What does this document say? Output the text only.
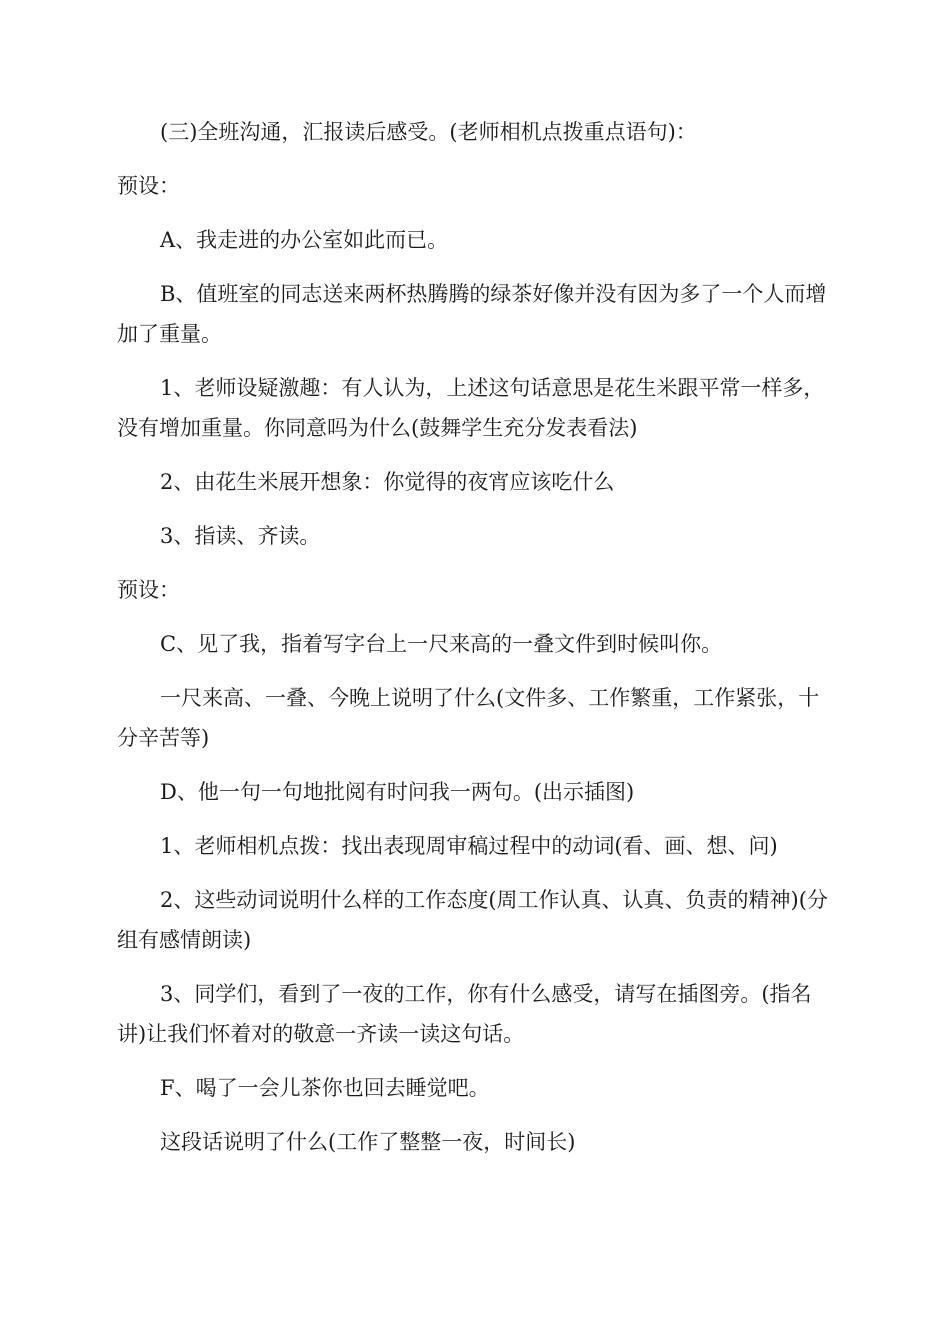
(三)全班沟通，汇报读后感受。(老师相机点拨重点语句)：

预设：

A、我走进的办公室如此而已。

B、值班室的同志送来两杯热腾腾的绿茶好像并没有因为多了一个人而增加了重量。

1、老师设疑激趣：有人认为，上述这句话意思是花生米跟平常一样多，没有增加重量。你同意吗为什么(鼓舞学生充分发表看法)

2、由花生米展开想象：你觉得的夜宵应该吃什么

3、指读、齐读。

预设：

C、见了我，指着写字台上一尺来高的一叠文件到时候叫你。

一尺来高、一叠、今晚上说明了什么(文件多、工作繁重，工作紧张，十分辛苦等)

D、他一句一句地批阅有时问我一两句。(出示插图)

1、老师相机点拨：找出表现周审稿过程中的动词(看、画、想、问)

2、这些动词说明什么样的工作态度(周工作认真、认真、负责的精神)(分组有感情朗读)

3、同学们，看到了一夜的工作，你有什么感受，请写在插图旁。(指名讲)让我们怀着对的敬意一齐读一读这句话。

F、喝了一会儿茶你也回去睡觉吧。

这段话说明了什么(工作了整整一夜，时间长)
